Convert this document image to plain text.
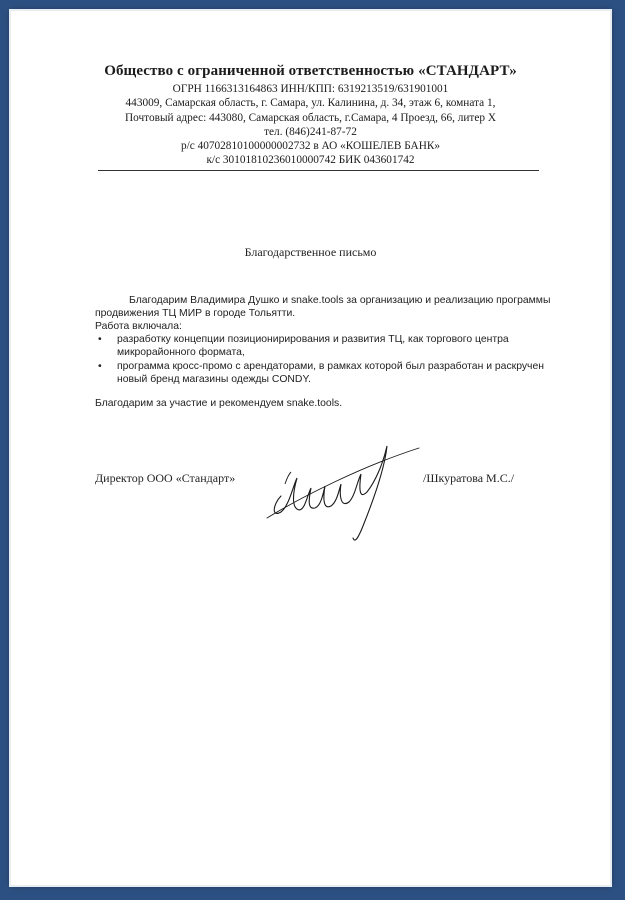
Общество с ограниченной ответственностью «СТАНДАРТ»

ОГРН 1166313164863 ИНН/КПП: 6319213519/631901001

443009, Самарская область, г. Самара, ул. Калинина, д. 34, этаж 6, комната 1,

Почтовый адрес: 443080, Самарская область, г.Самара, 4 Проезд, 66, литер Х

тел. (846)241-87-72

р/с 40702810100000002732 в АО «КОШЕЛЕВ БАНК»

к/с 30101810236010000742 БИК 043601742

Благодарственное письмо

Благодарим Владимира Душко и snake.tools за организацию и реализацию программы продвижения ТЦ МИР в городе Тольятти.

Работа включала:

• разработку концепции позиционирирования и развития ТЦ, как торгового центра микрорайонного формата,
• программа кросс-промо с арендаторами, в рамках которой был разработан и раскручен новый бренд магазины одежды CONDY.

Благодарим за участие и рекомендуем snake.tools.

Директор ООО «Стандарт»	/Шкуратова М.С./
